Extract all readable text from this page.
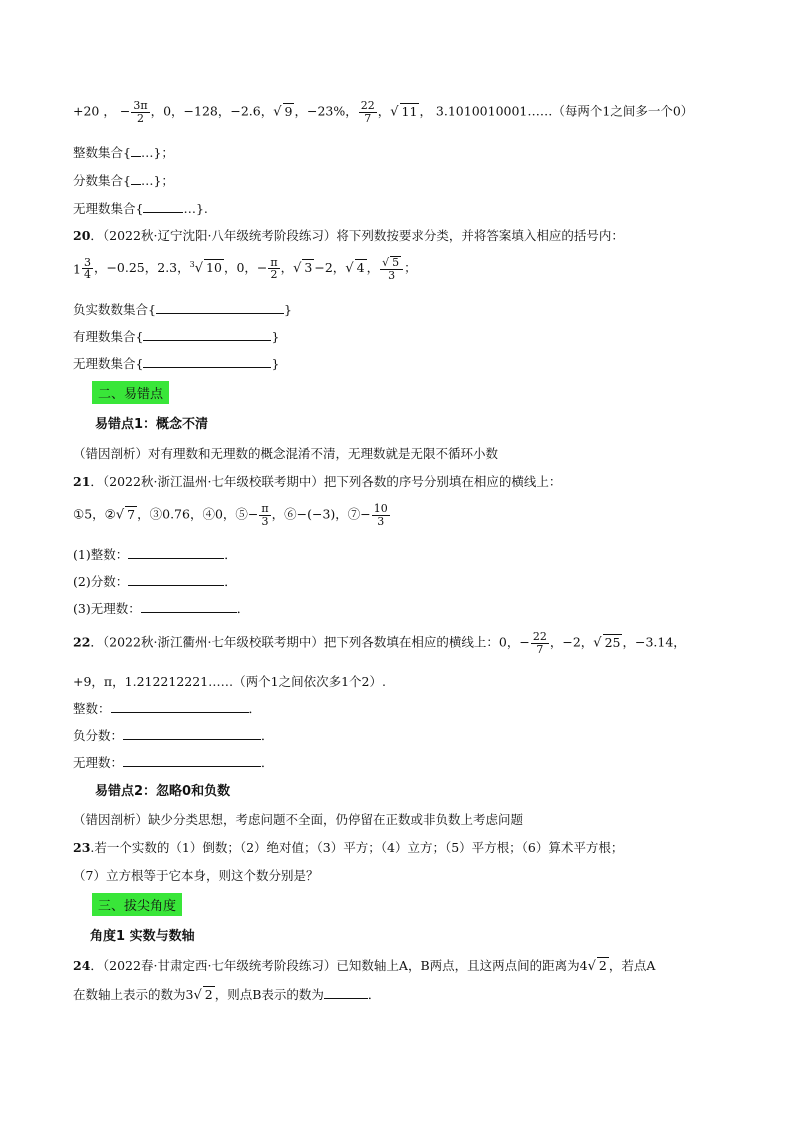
+20 ， − $\frac{3\pi}{2}$ ，0，−128，−2.6，√ 9 ，−23%， $\frac{22}{7}$ ，√ 11 ， 3.1010010001……（每两个1之间多一个0）
整数集合{ …}；
分数集合{ …}；
无理数集合{	…}.
20．（2022秋·辽宁沈阳·八年级统考阶段练习）将下列数按要求分类，并将答案填入相应的括号内：
$1 \frac{3}{4}$ ，−0.25，2.3，$^3$√ 10 ，0，− $\frac{\pi}{2}$ ，√ 3 −2，√ 4 ， $\frac{√ 5}{3}$ ；
负实数数集合{	}
有理数集合{	}
无理数集合{	}
二、易错点
易错点1：概念不清
（错因剖析）对有理数和无理数的概念混淆不清，无理数就是无限不循环小数
21．（2022秋·浙江温州·七年级校联考期中）把下列各数的序号分别填在相应的横线上：
①5，②√ 7 ，③0.76，④0，⑤− $\frac{\pi}{3}$ ，⑥−(−3)，⑦− $\frac{10}{3}$
(1)整数：	．
(2)分数：	．
(3)无理数：	．
22．（2022秋·浙江衢州·七年级校联考期中）把下列各数填在相应的横线上：0，− $\frac{22}{7}$ ，−2，√ 25 ，−3.14，
+9，π，1.212212221……（两个1之间依次多1个2）.
整数：	．
负分数：	．
无理数：	．
易错点2：忽略0和负数
（错因剖析）缺少分类思想，考虑问题不全面，仍停留在正数或非负数上考虑问题
23.若一个实数的（1）倒数；（2）绝对值；（3）平方；（4）立方；（5）平方根；（6）算术平方根；
（7）立方根等于它本身，则这个数分别是？
三、拔尖角度
角度1 实数与数轴
24．（2022春·甘肃定西·七年级统考阶段练习）已知数轴上A，B两点，且这两点间的距离为4√ 2 ，若点A
在数轴上表示的数为3√ 2 ，则点B表示的数为	．
